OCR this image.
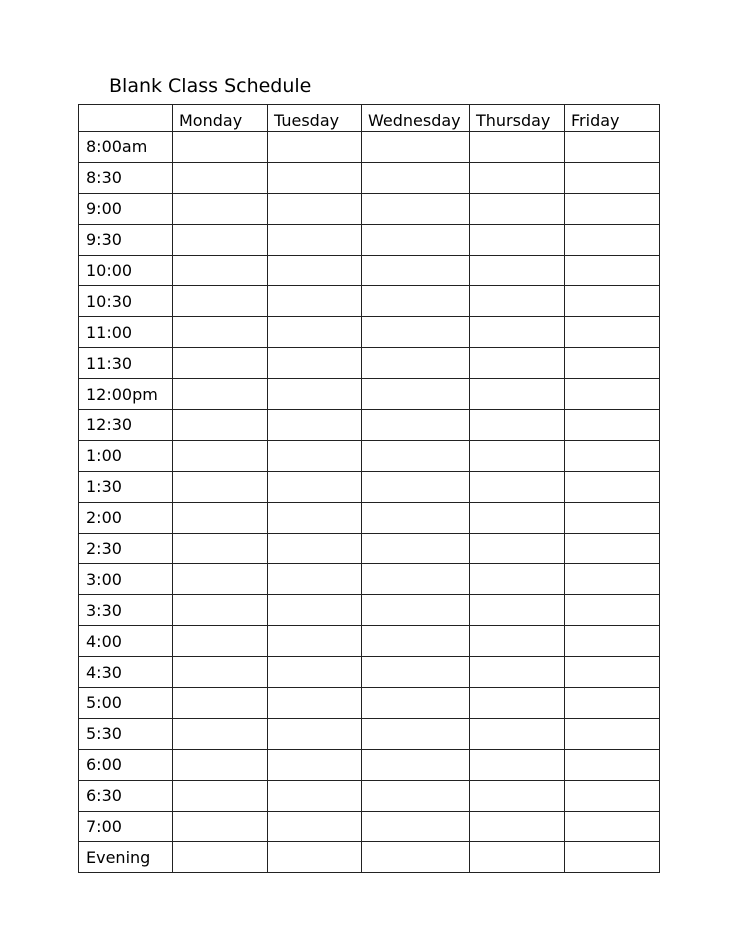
Blank Class Schedule
	Monday	Tuesday	Wednesday	Thursday	Friday
8:00am					
8:30					
9:00					
9:30					
10:00					
10:30					
11:00					
11:30					
12:00pm					
12:30					
1:00					
1:30					
2:00					
2:30					
3:00					
3:30					
4:00					
4:30					
5:00					
5:30					
6:00					
6:30					
7:00					
Evening					
